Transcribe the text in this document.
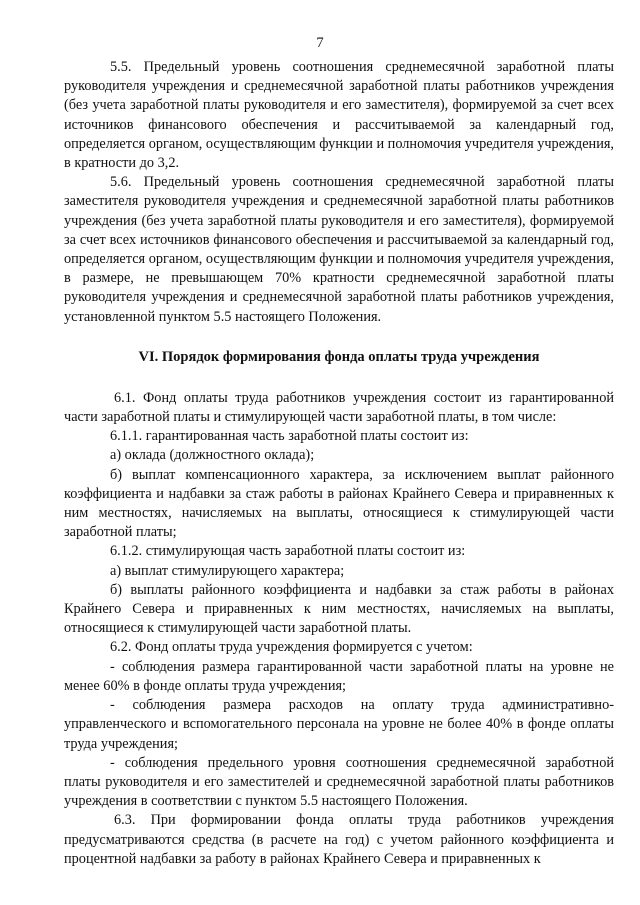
7

5.5. Предельный уровень соотношения среднемесячной заработной платы руководителя учреждения и среднемесячной заработной платы работников учреждения (без учета заработной платы руководителя и его заместителя), формируемой за счет всех источников финансового обеспечения и рассчитываемой за календарный год, определяется органом, осуществляющим функции и полномочия учредителя учреждения, в кратности до 3,2.

5.6. Предельный уровень соотношения среднемесячной заработной платы заместителя руководителя учреждения и среднемесячной заработной платы работников учреждения (без учета заработной платы руководителя и его заместителя), формируемой за счет всех источников финансового обеспечения и рассчитываемой за календарный год, определяется органом, осуществляющим функции и полномочия учредителя учреждения, в размере, не превышающем 70% кратности среднемесячной заработной платы руководителя учреждения и среднемесячной заработной платы работников учреждения, установленной пунктом 5.5 настоящего Положения.

VI. Порядок формирования фонда оплаты труда учреждения

6.1. Фонд оплаты труда работников учреждения состоит из гарантированной части заработной платы и стимулирующей части заработной платы, в том числе:

6.1.1. гарантированная часть заработной платы состоит из:

а) оклада (должностного оклада);

б) выплат компенсационного характера, за исключением выплат районного коэффициента и надбавки за стаж работы в районах Крайнего Севера и приравненных к ним местностях, начисляемых на выплаты, относящиеся к стимулирующей части заработной платы;

6.1.2. стимулирующая часть заработной платы состоит из:

а) выплат стимулирующего характера;

б) выплаты районного коэффициента и надбавки за стаж работы в районах Крайнего Севера и приравненных к ним местностях, начисляемых на выплаты, относящиеся к стимулирующей части заработной платы.

6.2. Фонд оплаты труда учреждения формируется с учетом:

- соблюдения размера гарантированной части заработной платы на уровне не менее 60% в фонде оплаты труда учреждения;

- соблюдения размера расходов на оплату труда административно-управленческого и вспомогательного персонала на уровне не более 40% в фонде оплаты труда учреждения;

- соблюдения предельного уровня соотношения среднемесячной заработной платы руководителя и его заместителей и среднемесячной заработной платы работников учреждения в соответствии с пунктом 5.5 настоящего Положения.

6.3. При формировании фонда оплаты труда работников учреждения предусматриваются средства (в расчете на год) с учетом районного коэффициента и процентной надбавки за работу в районах Крайнего Севера и приравненных к
